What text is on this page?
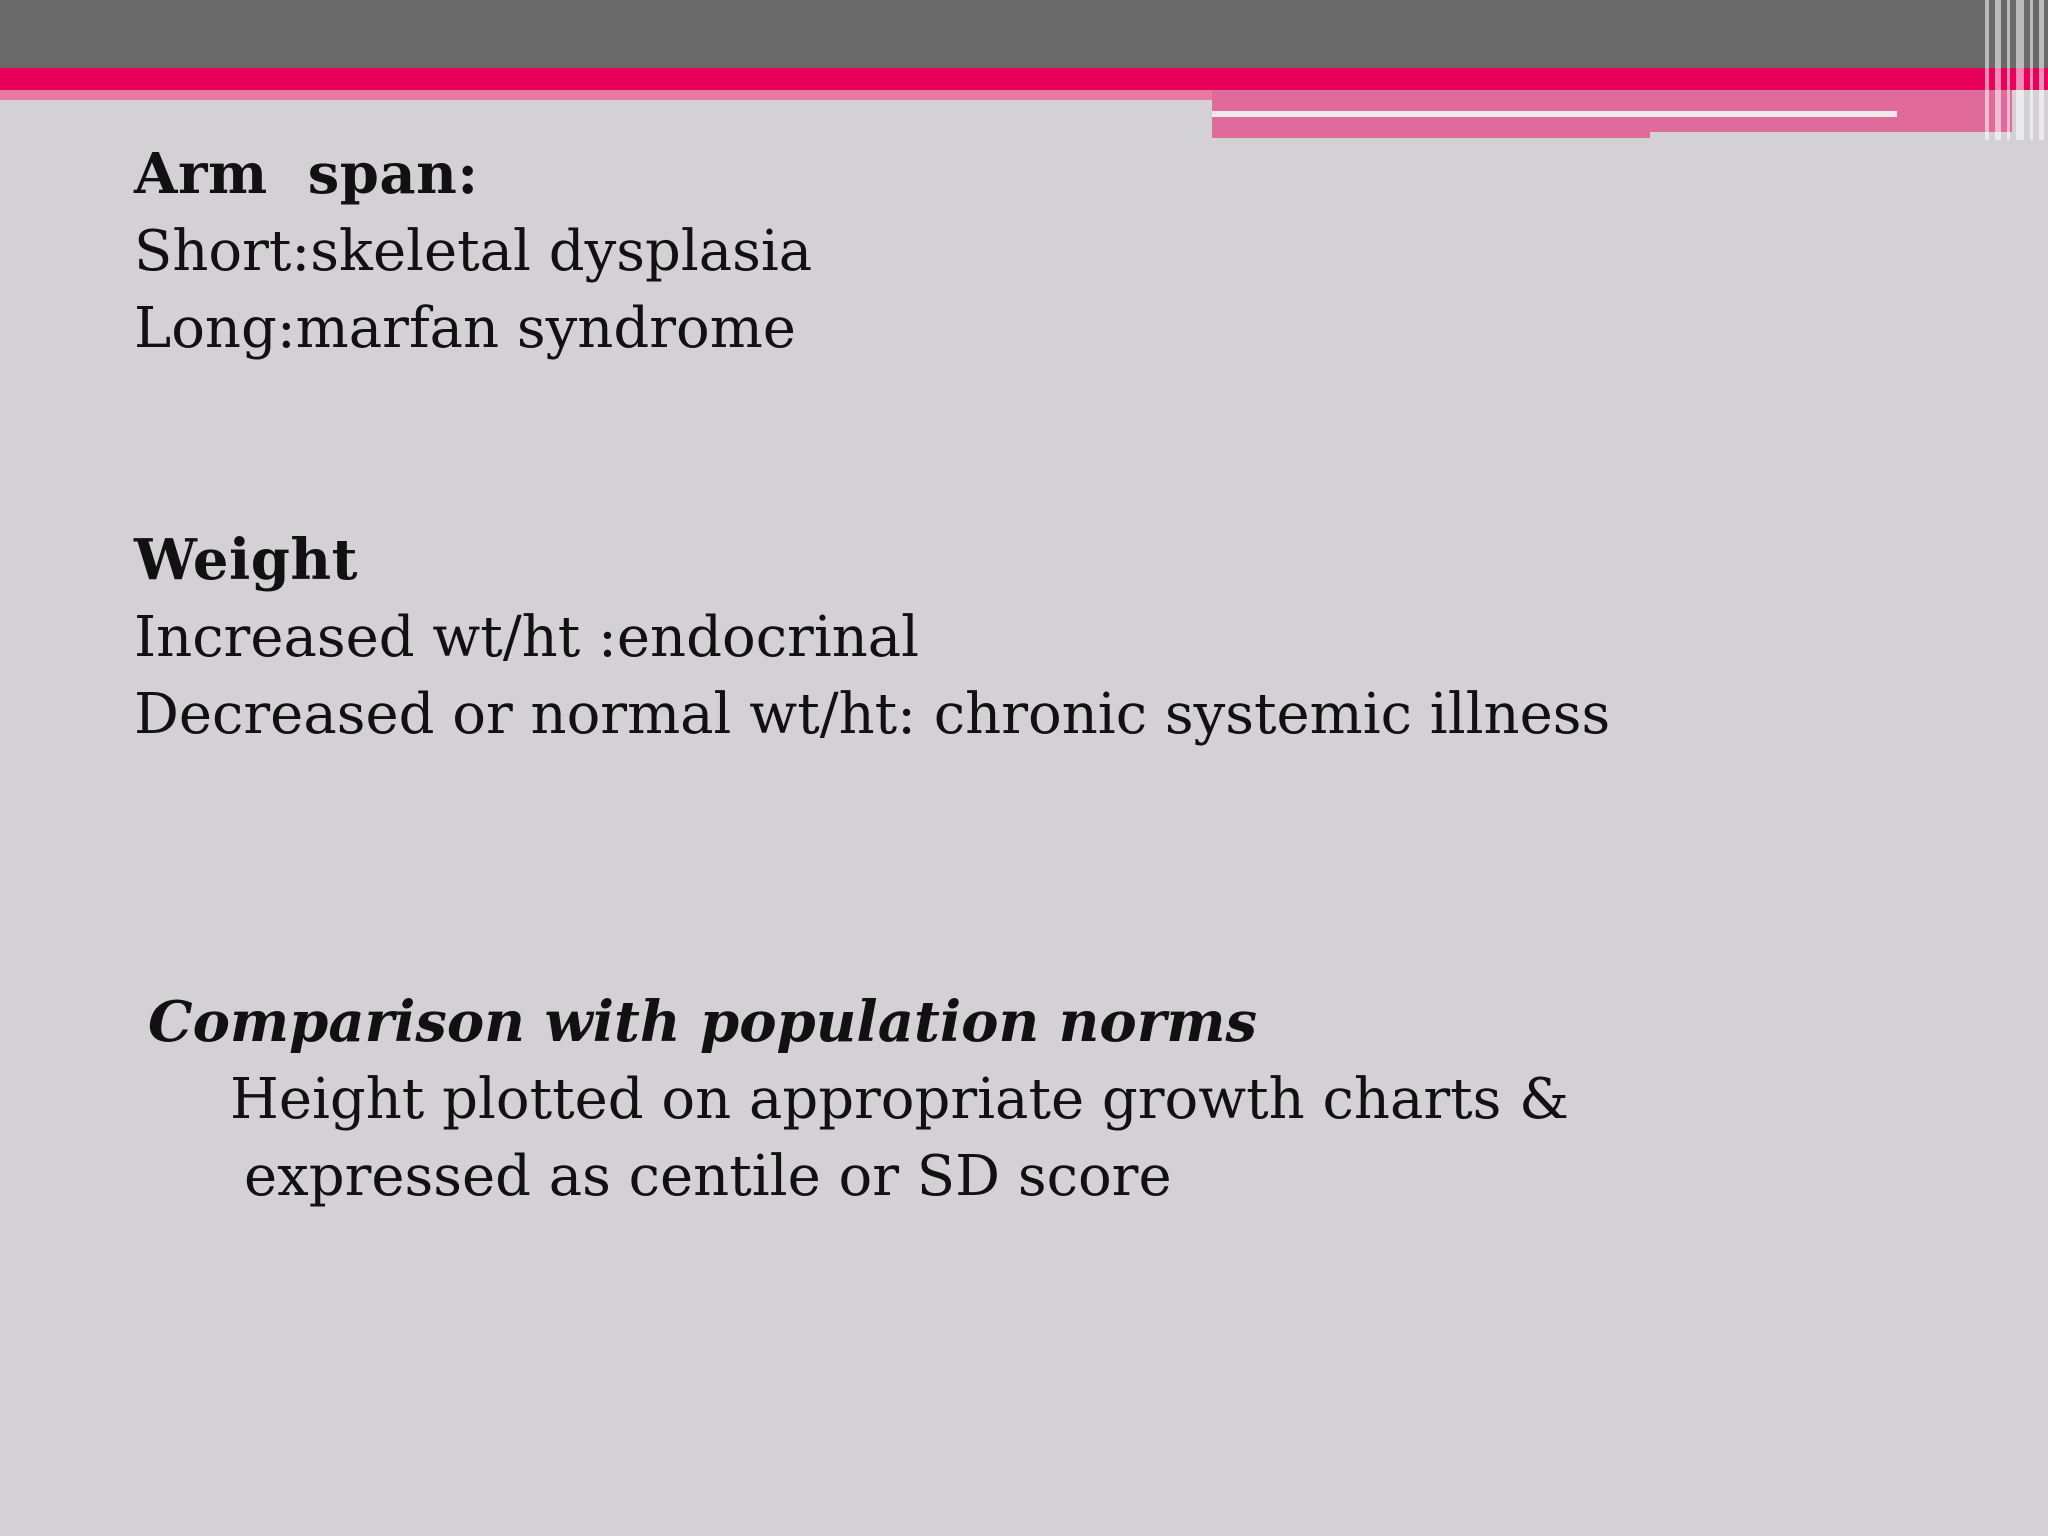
Arm  span:
Short:skeletal dysplasia
Long:marfan syndrome
Weight
Increased wt/ht :endocrinal
Decreased or normal wt/ht: chronic systemic illness
Comparison with population norms
Height plotted on appropriate growth charts &
expressed as centile or SD score
